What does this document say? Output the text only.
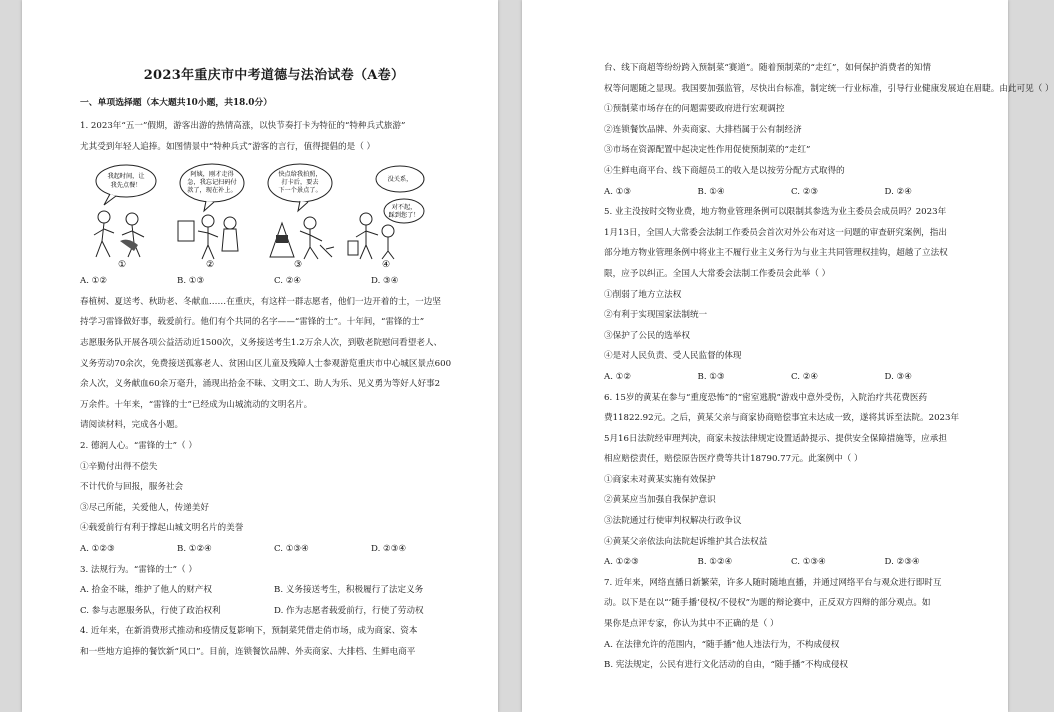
2023年重庆市中考道德与法治试卷（A卷）
一、单项选择题（本大题共10小题，共18.0分）
1. 2023年“五一”假期，游客出游的热情高涨，以快节奏打卡为特征的“特种兵式旅游”
尤其受到年轻人追捧。如图情景中“特种兵式”游客的言行，值得提倡的是（ ）
我起时间，让
我先点餐！
①
阿姨，刚才走得
急，我忘记扫码付
款了，现在补上。
②
快点给我拍照，
打卡后，要去
下一个景点了。
③
没关系，
对不起，
踩到您了！
④
A. ①②	B. ①③	C. ②④	D. ③④
春植树、夏送考、秋助老、冬献血……在重庆，有这样一群志愿者，他们一边开着的士，一边坚
持学习雷锋做好事，载爱前行。他们有个共同的名字——“雷锋的士”。十年间，“雷锋的士”
志愿服务队开展各项公益活动近1500次，义务接送考生1.2万余人次，到敬老院慰问看望老人、
义务劳动70余次，免费接送孤寡老人、贫困山区儿童及残障人士参观游览重庆市中心城区景点600
余人次，义务献血60余万毫升，涌现出拾金不昧、文明文工、助人为乐、见义勇为等好人好事2
万余件。十年来，“雷锋的士”已经成为山城流动的文明名片。
请阅读材料，完成各小题。
2. 德润人心。“雷锋的士”（ ）
①辛勤付出得不偿失
不计代价与回报，服务社会
③尽己所能，关爱他人，传递美好
④载爱前行有利于撑起山城文明名片的美誉
A. ①②③	B. ①②④	C. ①③④	D. ②③④
3. 法规行为。“雷锋的士”（ ）
A. 拾金不昧，维护了他人的财产权	B. 义务接送考生，积极履行了法定义务
C. 参与志愿服务队，行使了政治权利	D. 作为志愿者载爱前行，行使了劳动权
4. 近年来，在新消费形式推动和疫情反复影响下，预制菜凭借走俏市场，成为商家、资本
和一些地方追捧的餐饮新“风口”。目前，连锁餐饮品牌、外卖商家、大排档、生鲜电商平
台、线下商超等纷纷跨入预制菜“赛道”。随着预制菜的“走红”，如何保护消费者的知情
权等问题随之显现。我国要加强监管，尽快出台标准，制定统一行业标准，引导行业健康发展迫在眉睫。由此可见（ ）
①预制菜市场存在的问题需要政府进行宏观调控
②连锁餐饮品牌、外卖商家、大排档属于公有制经济
③市场在资源配置中起决定性作用促使预制菜的“走红”
④生鲜电商平台、线下商超员工的收入是以按劳分配方式取得的
A. ①③	B. ①④	C. ②③	D. ②④
5. 业主没按时交物业费，地方物业管理条例可以限制其参选为业主委员会成员吗？2023年
1月13日，全国人大常委会法制工作委员会首次对外公布对这一问题的审查研究案例，指出
部分地方物业管理条例中将业主不履行业主义务行为与业主共同管理权挂钩，超越了立法权
限，应予以纠正。全国人大常委会法制工作委员会此举（ ）
①削弱了地方立法权
②有利于实现国家法制统一
③保护了公民的选举权
④是对人民负责、受人民监督的体现
A. ①②	B. ①③	C. ②④	D. ③④
6. 15岁的黄某在参与“重度恐怖”的“密室逃脱”游戏中意外受伤，入院治疗共花费医药
费11822.92元。之后，黄某父亲与商家协商赔偿事宜未达成一致，遂将其诉至法院。2023年
5月16日法院经审理判决，商家未按法律规定设置适龄提示、提供安全保障措施等，应承担
相应赔偿责任，赔偿原告医疗费等共计18790.77元。此案例中（ ）
①商家未对黄某实施有效保护
②黄某应当加强自我保护意识
③法院通过行使审判权解决行政争议
④黄某父亲依法向法院起诉维护其合法权益
A. ①②③	B. ①②④	C. ①③④	D. ②③④
7. 近年来，网络直播日新繁荣，许多人随时随地直播，并通过网络平台与观众进行即时互
动。以下是在以“‘随手播’侵权/不侵权”为题的辩论赛中，正反双方四辩的部分观点。如
果你是点评专家，你认为其中不正确的是（ ）
A. 在法律允许的范围内，“随手播”他人违法行为，不构成侵权
B. 宪法规定，公民有进行文化活动的自由，“随手播”不构成侵权
